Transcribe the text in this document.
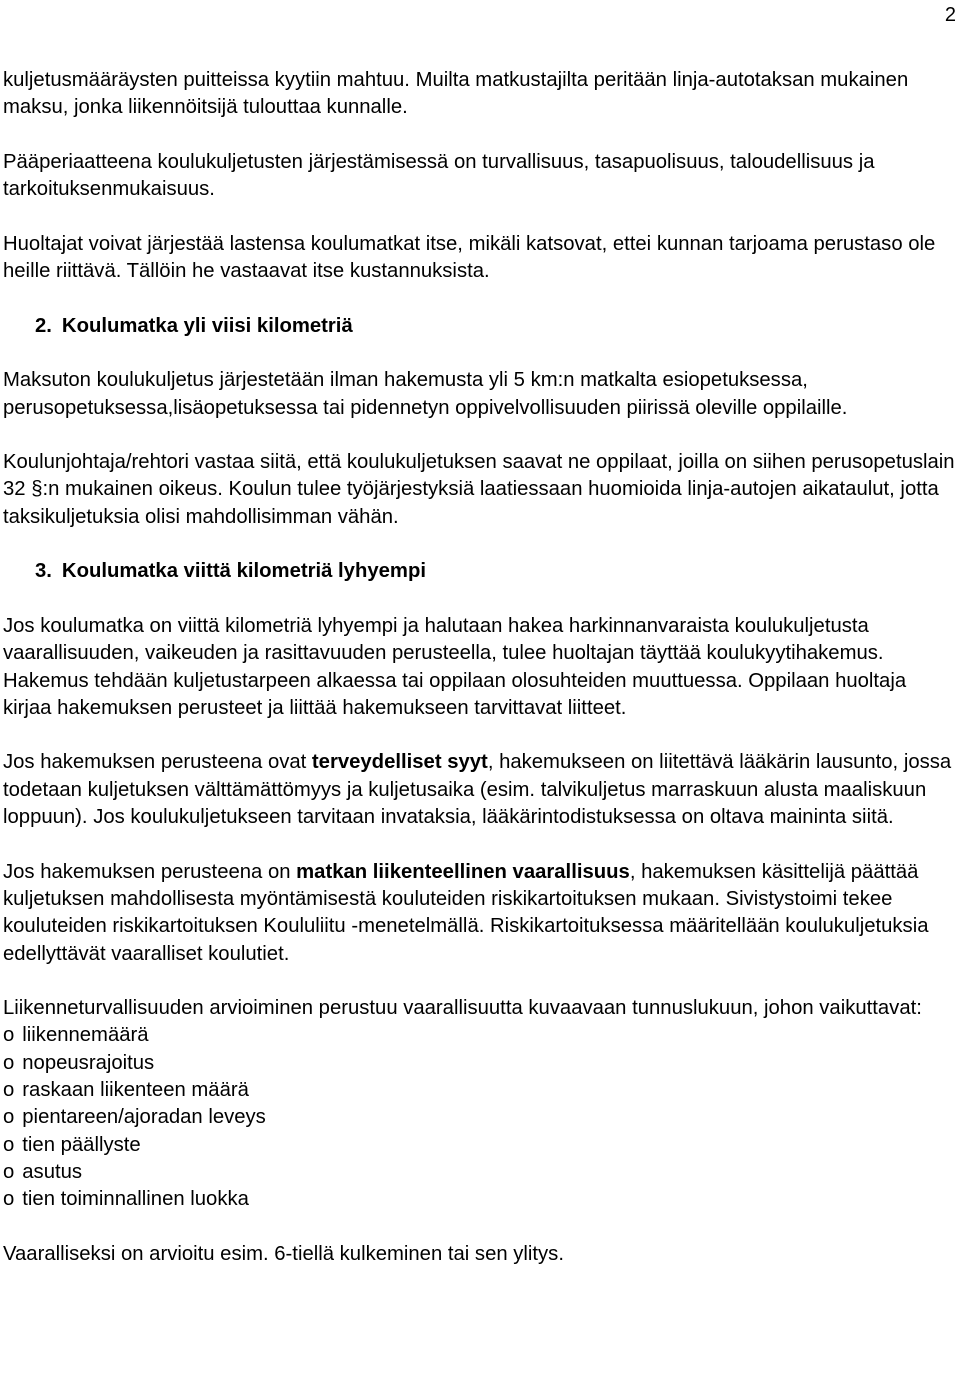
2

kuljetusmääräysten puitteissa kyytiin mahtuu. Muilta matkustajilta peritään linja-autotaksan mukainen maksu, jonka liikennöitsijä tulouttaa kunnalle.

Pääperiaatteena koulukuljetusten järjestämisessä on turvallisuus, tasapuolisuus, taloudellisuus ja tarkoituksenmukaisuus.

Huoltajat voivat järjestää lastensa koulumatkat itse, mikäli katsovat, ettei kunnan tarjoama perustaso ole heille riittävä. Tällöin he vastaavat itse kustannuksista.

2. Koulumatka yli viisi kilometriä

Maksuton koulukuljetus järjestetään ilman hakemusta yli 5 km:n matkalta esiopetuksessa, perusopetuksessa,lisäopetuksessa tai pidennetyn oppivelvollisuuden piirissä oleville oppilaille.

Koulunjohtaja/rehtori vastaa siitä, että koulukuljetuksen saavat ne oppilaat, joilla on siihen perusopetuslain 32 §:n mukainen oikeus. Koulun tulee työjärjestyksiä laatiessaan huomioida linja-autojen aikataulut, jotta taksikuljetuksia olisi mahdollisimman vähän.

3. Koulumatka viittä kilometriä lyhyempi

Jos koulumatka on viittä kilometriä lyhyempi ja halutaan hakea harkinnanvaraista koulukuljetusta vaarallisuuden, vaikeuden ja rasittavuuden perusteella, tulee huoltajan täyttää koulukyytihakemus. Hakemus tehdään kuljetustarpeen alkaessa tai oppilaan olosuhteiden muuttuessa. Oppilaan huoltaja kirjaa hakemuksen perusteet ja liittää hakemukseen tarvittavat liitteet.

Jos hakemuksen perusteena ovat terveydelliset syyt, hakemukseen on liitettävä lääkärin lausunto, jossa todetaan kuljetuksen välttämättömyys ja kuljetusaika (esim. talvikuljetus marraskuun alusta maaliskuun loppuun). Jos koulukuljetukseen tarvitaan invataksia, lääkärintodistuksessa on oltava maininta siitä.

Jos hakemuksen perusteena on matkan liikenteellinen vaarallisuus, hakemuksen käsittelijä päättää kuljetuksen mahdollisesta myöntämisestä kouluteiden riskikartoituksen mukaan. Sivistystoimi tekee kouluteiden riskikartoituksen Koululiitu -menetelmällä. Riskikartoituksessa määritellään koulukuljetuksia edellyttävät vaaralliset koulutiet.

Liikenneturvallisuuden arvioiminen perustuu vaarallisuutta kuvaavaan tunnuslukuun, johon vaikuttavat:

o liikennemäärä
o nopeusrajoitus
o raskaan liikenteen määrä
o pientareen/ajoradan leveys
o tien päällyste
o asutus
o tien toiminnallinen luokka

Vaaralliseksi on arvioitu esim. 6-tiellä kulkeminen tai sen ylitys.
